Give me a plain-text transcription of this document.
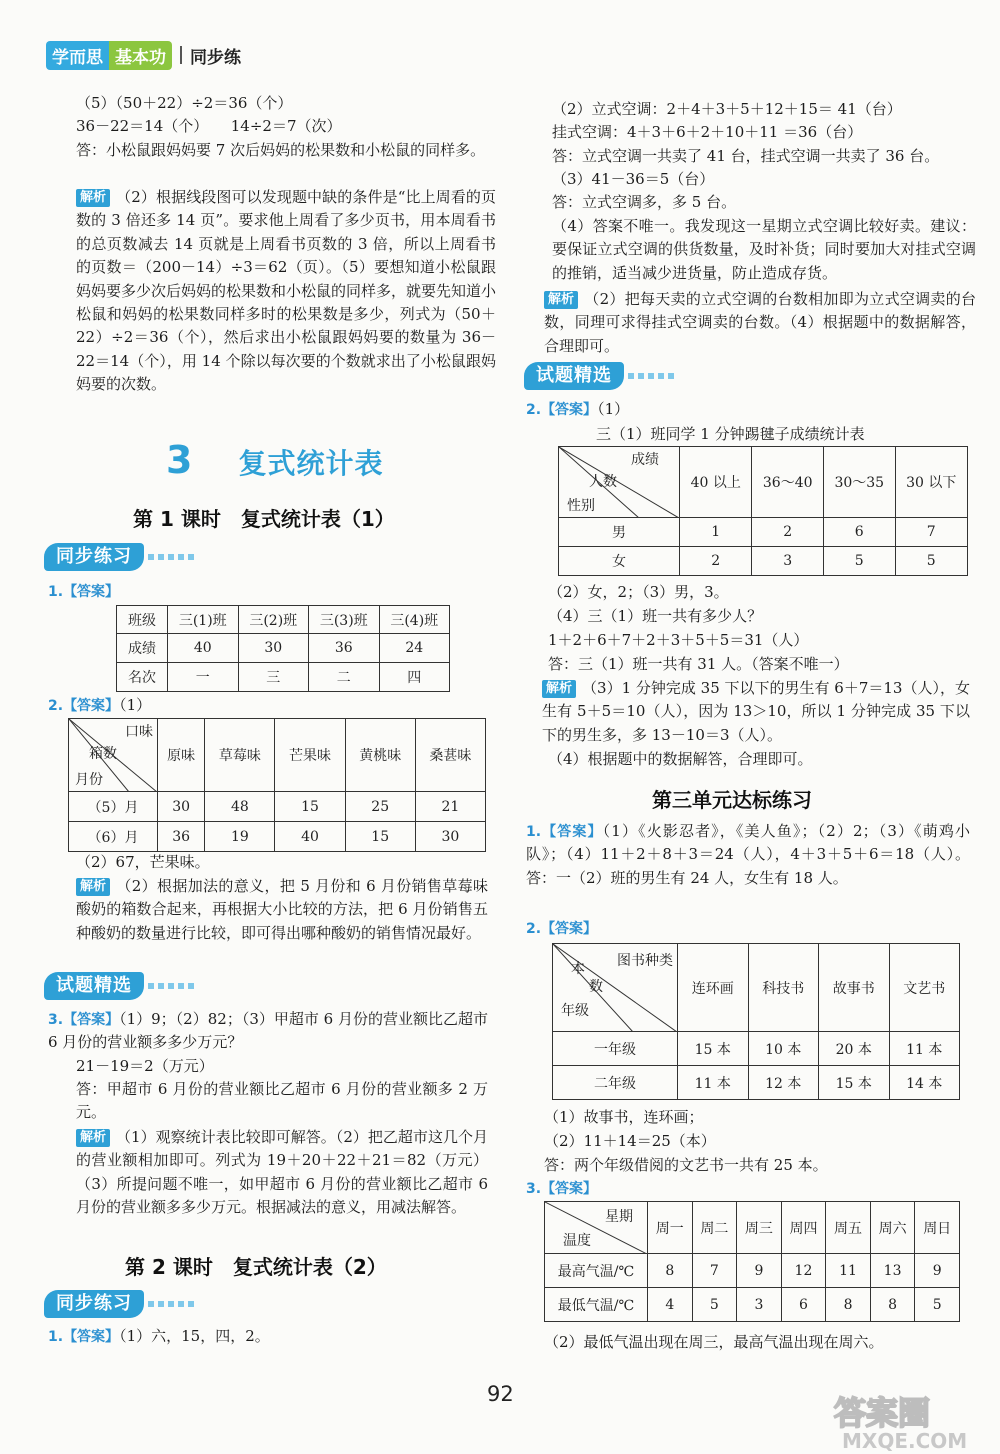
学而思 基本功	同步练
（5）（50＋22）÷2＝36（个）
36－22＝14（个）　　14÷2＝7（次）
答：小松鼠跟妈妈要 7 次后妈妈的松果数和小松鼠的同样多。
解析 （2）根据线段图可以发现题中缺的条件是“比上周看的页数的 3 倍还多 14 页”。要求他上周看了多少页书，用本周看书的总页数减去 14 页就是上周看书页数的 3 倍，所以上周看书的页数＝（200－14）÷3＝62（页）。（5）要想知道小松鼠跟妈妈要多少次后妈妈的松果数和小松鼠的同样多，就要先知道小松鼠和妈妈的松果数同样多时的松果数是多少，列式为（50＋22）÷2＝36（个），然后求出小松鼠跟妈妈要的数量为 36－22＝14（个），用 14 个除以每次要的个数就求出了小松鼠跟妈妈要的次数。
3 复式统计表
第 1 课时　复式统计表（1）
同步练习
1.【答案】
班级	三(1)班	三(2)班	三(3)班	三(4)班
成绩	40	30	36	24
名次	一	三	二	四
2.【答案】（1）
口味
箱数
月份	原味	草莓味	芒果味	黄桃味	桑葚味
（5）月	30	48	15	25	21
（6）月	36	19	40	15	30
（2）67，芒果味。
解析 （2）根据加法的意义，把 5 月份和 6 月份销售草莓味酸奶的箱数合起来，再根据大小比较的方法，把 6 月份销售五种酸奶的数量进行比较，即可得出哪种酸奶的销售情况最好。
试题精选
3.【答案】（1）9；（2）82；（3）甲超市 6 月份的营业额比乙超市 6 月份的营业额多多少万元？
21－19＝2（万元）
答：甲超市 6 月份的营业额比乙超市 6 月份的营业额多 2 万元。
解析 （1）观察统计表比较即可解答。（2）把乙超市这几个月的营业额相加即可。列式为 19＋20＋22＋21＝82（万元）（3）所提问题不唯一，如甲超市 6 月份的营业额比乙超市 6 月份的营业额多多少万元。根据减法的意义，用减法解答。
第 2 课时　复式统计表（2）
同步练习
1.【答案】（1）六，15，四，2。
（2）立式空调：2＋4＋3＋5＋12＋15＝ 41（台）
挂式空调：4＋3＋6＋2＋10＋11 ＝36（台）
答：立式空调一共卖了 41 台，挂式空调一共卖了 36 台。
（3）41－36＝5（台）
答：立式空调多，多 5 台。
（4）答案不唯一。我发现这一星期立式空调比较好卖。建议：要保证立式空调的供货数量，及时补货；同时要加大对挂式空调的推销，适当减少进货量，防止造成存货。
解析 （2）把每天卖的立式空调的台数相加即为立式空调卖的台数，同理可求得挂式空调卖的台数。（4）根据题中的数据解答，合理即可。
试题精选
2.【答案】（1）
三（1）班同学 1 分钟踢毽子成绩统计表
成绩
人数
性别	40 以上	36～40	30～35	30 以下
男	1	2	6	7
女	2	3	5	5
（2）女，2；（3）男，3。
（4）三（1）班一共有多少人？
1＋2＋6＋7＋2＋3＋5＋5＝31（人）
答：三（1）班一共有 31 人。（答案不唯一）
解析 （3）1 分钟完成 35 下以下的男生有 6＋7＝13（人），女生有 5＋5＝10（人），因为 13＞10，所以 1 分钟完成 35 下以下的男生多，多 13－10＝3（人）。
（4）根据题中的数据解答，合理即可。
第三单元达标练习
1.【答案】（1）《火影忍者》，《美人鱼》；（2）2；（3）《萌鸡小队》；（4）11＋2＋8＋3＝24（人），4＋3＋5＋6＝18（人）。答：一（2）班的男生有 24 人，女生有 18 人。
2.【答案】
图书种类
本
数
年级	连环画	科技书	故事书	文艺书
一年级	15 本	10 本	20 本	11 本
二年级	11 本	12 本	15 本	14 本
（1）故事书，连环画；
（2）11＋14＝25（本）
答：两个年级借阅的文艺书一共有 25 本。
3.【答案】
星期
温度	周一	周二	周三	周四	周五	周六	周日
最高气温/℃	8	7	9	12	11	13	9
最低气温/℃	4	5	3	6	8	8	5
（2）最低气温出现在周三，最高气温出现在周六。
92	答案圈
MXQE.COM
